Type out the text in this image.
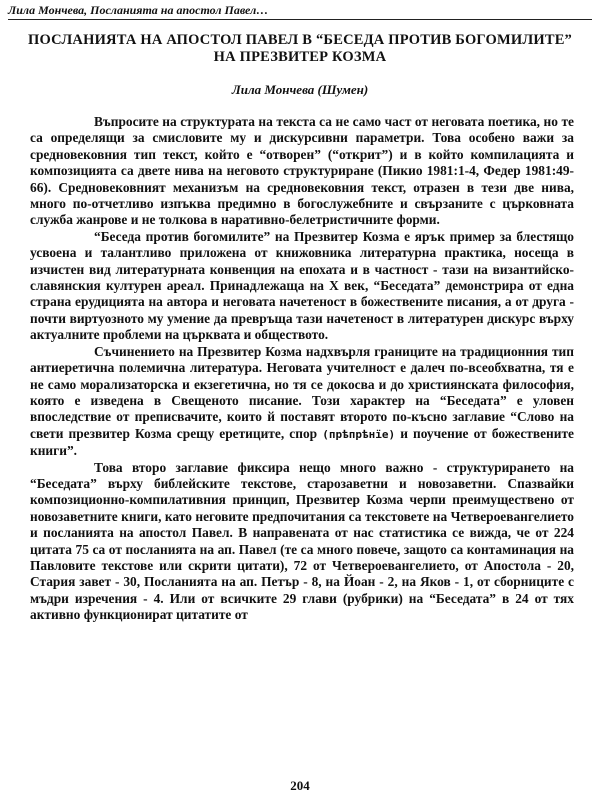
Лила Мончева, Посланията на апостол Павел…
ПОСЛАНИЯТА НА АПОСТОЛ ПАВЕЛ В “БЕСЕДА ПРОТИВ БОГОМИЛИТЕ” НА ПРЕЗВИТЕР КОЗМА
Лила Мончева (Шумен)

Въпросите на структурата на текста са не само част от неговата поетика, но те са определящи за смисловите му и дискурсивни параметри. Това особено важи за средновековния тип текст, който е “отворен” (“открит”) и в който компилацията и композицията са двете нива на неговото структуриране (Пикио 1981:1-4, Федер 1981:49-66). Средновековният механизъм на средновековния текст, отразен в тези две нива, много по-отчетливо изпъква предимно в богослужебните и свързаните с църковната служба жанрове и не толкова в наративно-белетристичните форми.

“Беседа против богомилите” на Презвитер Козма е ярък пример за блестящо усвоена и талантливо приложена от книжовника литературна практика, носеща в изчистен вид литературната конвенция на епохата и в частност - тази на византийско-славянския културен ареал. Принадлежаща на X век, “Беседата” демонстрира от една страна ерудицията на автора и неговата начетеност в божествените писания, а от друга - почти виртуозното му умение да превръща тази начетеност в литературен дискурс върху актуалните проблеми на църквата и обществото.

Съчинението на Презвитер Козма надхвърля границите на традиционния тип антиеретична полемична литература. Неговата учителност е далеч по-всеобхватна, тя е не само морализаторска и екзегетична, но тя се докосва и до християнската философия, която е изведена в Свещеното писание. Този характер на “Беседата” е уловен впоследствие от преписвачите, които й поставят второто по-късно заглавие “Слово на свети презвитер Козма срещу еретиците, спор (прѣпрѣнїе) и поучение от божествените книги”.

Това второ заглавие фиксира нещо много важно - структурирането на “Беседата” върху библейските текстове, старозаветни и новозаветни. Спазвайки композиционно-компилативния принцип, Презвитер Козма черпи преимуществено от новозаветните книги, като неговите предпочитания са текстовете на Четвероевангелието и посланията на апостол Павел. В направената от нас статистика се вижда, че от 224 цитата 75 са от посланията на ап. Павел (те са много повече, защото са контаминация на Павловите текстове или скрити цитати), 72 от Четвероевангелието, от Апостола - 20, Стария завет - 30, Посланията на ап. Петър - 8, на Йоан - 2, на Яков - 1, от сборниците с мъдри изречения - 4. Или от всичките 29 глави (рубрики) на “Беседата” в 24 от тях активно функционират цитатите от

204
